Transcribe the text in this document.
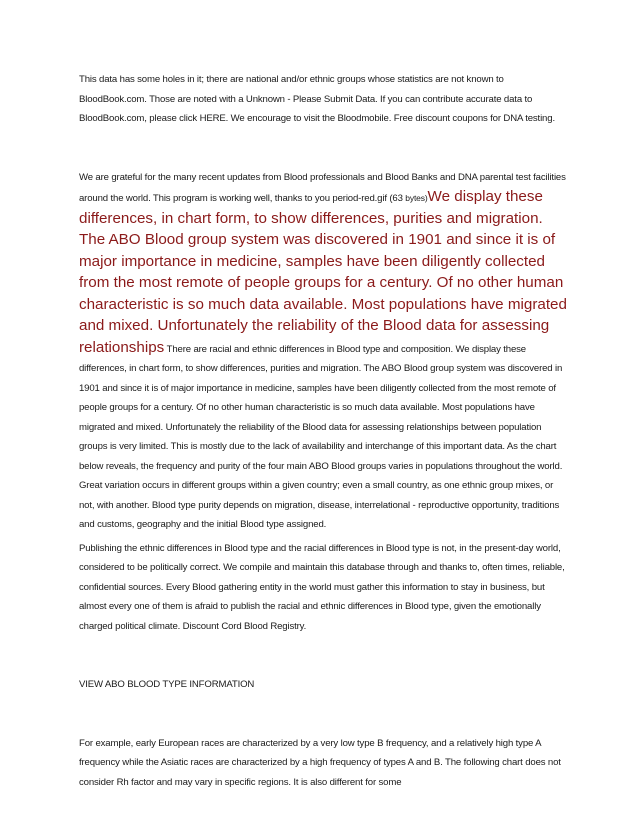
This data has some holes in it; there are national and/or ethnic groups whose statistics are not known to BloodBook.com. Those are noted with a Unknown - Please Submit Data. If you can contribute accurate data to BloodBook.com, please click HERE. We encourage to visit the Bloodmobile. Free discount coupons for DNA testing.

We are grateful for the many recent updates from Blood professionals and Blood Banks and DNA parental test facilities around the world. This program is working well, thanks to you period-red.gif (63 bytes)We display these differences, in chart form, to show differences, purities and migration. The ABO Blood group system was discovered in 1901 and since it is of major importance in medicine, samples have been diligently collected from the most remote of people groups for a century. Of no other human characteristic is so much data available. Most populations have migrated and mixed. Unfortunately the reliability of the Blood data for assessing relationships There are racial and ethnic differences in Blood type and composition. We display these differences, in chart form, to show differences, purities and migration. The ABO Blood group system was discovered in 1901 and since it is of major importance in medicine, samples have been diligently collected from the most remote of people groups for a century. Of no other human characteristic is so much data available. Most populations have migrated and mixed. Unfortunately the reliability of the Blood data for assessing relationships between population groups is very limited. This is mostly due to the lack of availability and interchange of this important data. As the chart below reveals, the frequency and purity of the four main ABO Blood groups varies in populations throughout the world. Great variation occurs in different groups within a given country; even a small country, as one ethnic group mixes, or not, with another. Blood type purity depends on migration, disease, interrelational - reproductive opportunity, traditions and customs, geography and the initial Blood type assigned.

Publishing the ethnic differences in Blood type and the racial differences in Blood type is not, in the present-day world, considered to be politically correct. We compile and maintain this database through and thanks to, often times, reliable, confidential sources. Every Blood gathering entity in the world must gather this information to stay in business, but almost every one of them is afraid to publish the racial and ethnic differences in Blood type, given the emotionally charged political climate. Discount Cord Blood Registry.

VIEW ABO BLOOD TYPE INFORMATION

For example, early European races are characterized by a very low type B frequency, and a relatively high type A frequency while the Asiatic races are characterized by a high frequency of types A and B. The following chart does not consider Rh factor and may vary in specific regions. It is also different for some
